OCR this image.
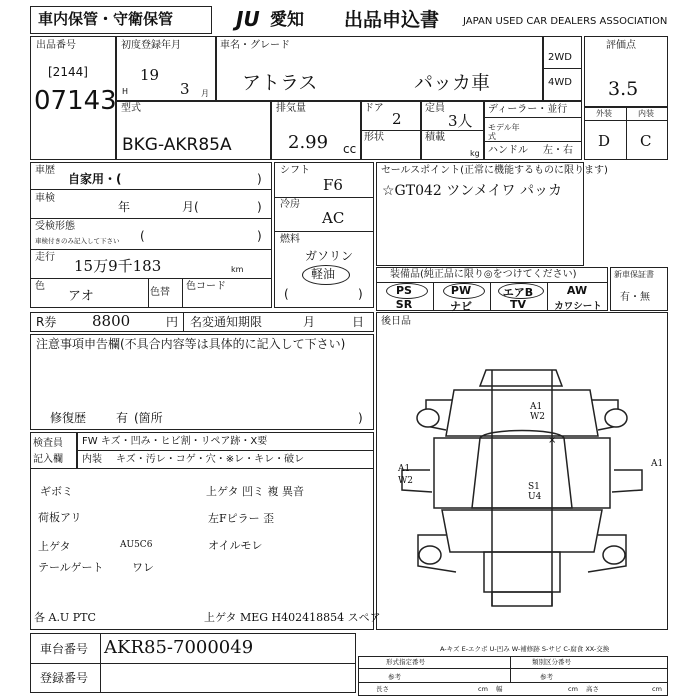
車内保管・守衛保管	JU 愛知 出品申込書 JAPAN USED CAR DEALERS ASSOCIATION
出品番号
[2144]
07143
初度登録年月
H
19
3 月
車名・グレード
アトラス	パッカ車
2WD
4WD
評価点
3.5
外装	内装
D C
型式
BKG-AKR85A
排気量
2.99 cc
ドア
2
形状
定員
3人
積載
kg
ディーラー・並行
モデル年式
ハンドル 左・右
車歴
自家用・(	)
車検
年	月(	)
受検形態
車検付きのみ記入して下さい (	)
走行 15万9千183	km
色
アオ	色替
色コード
シフト
F6
冷房
AC
燃料
ガソリン
軽油
(	)
セールスポイント(正常に機能するものに限ります)
☆GT042 ツンメイワ パッカ
装備品(純正品に限り◎をつけてください)
PS	PW	エアB	AW
SR	ナビ	TV	カワシート
新車保証書
有・無
R券 8800	円 名変通知期限	月	日 後日品
注意事項申告欄(不具合内容等は具体的に記入して下さい)
修復歴 有 (箇所	)
検査員記入欄
FW キズ・凹み・ヒビ割・リペア跡・X要
内装 キズ・汚レ・コゲ・穴・※レ・キレ・破レ
ギボミ
荷板アリ
上ゲタ	AU5C6
テールゲート	ワレ
上ゲタ 凹ミ 複 異音
左Fピラー 歪
オイルモレ
各 A.U PTC	上ゲタ MEG H402418854 スペア
A1 W2
×
S1 U4
A1 W2
A1
車台番号 AKR85-7000049
登録番号
A-キズ E-エクボ U-凹み W-補修跡 S-サビ C-腐食 XX-交換
形式指定番号
参考
類別区分番号
参考
長さ	cm 幅	cm 高さ	cm
